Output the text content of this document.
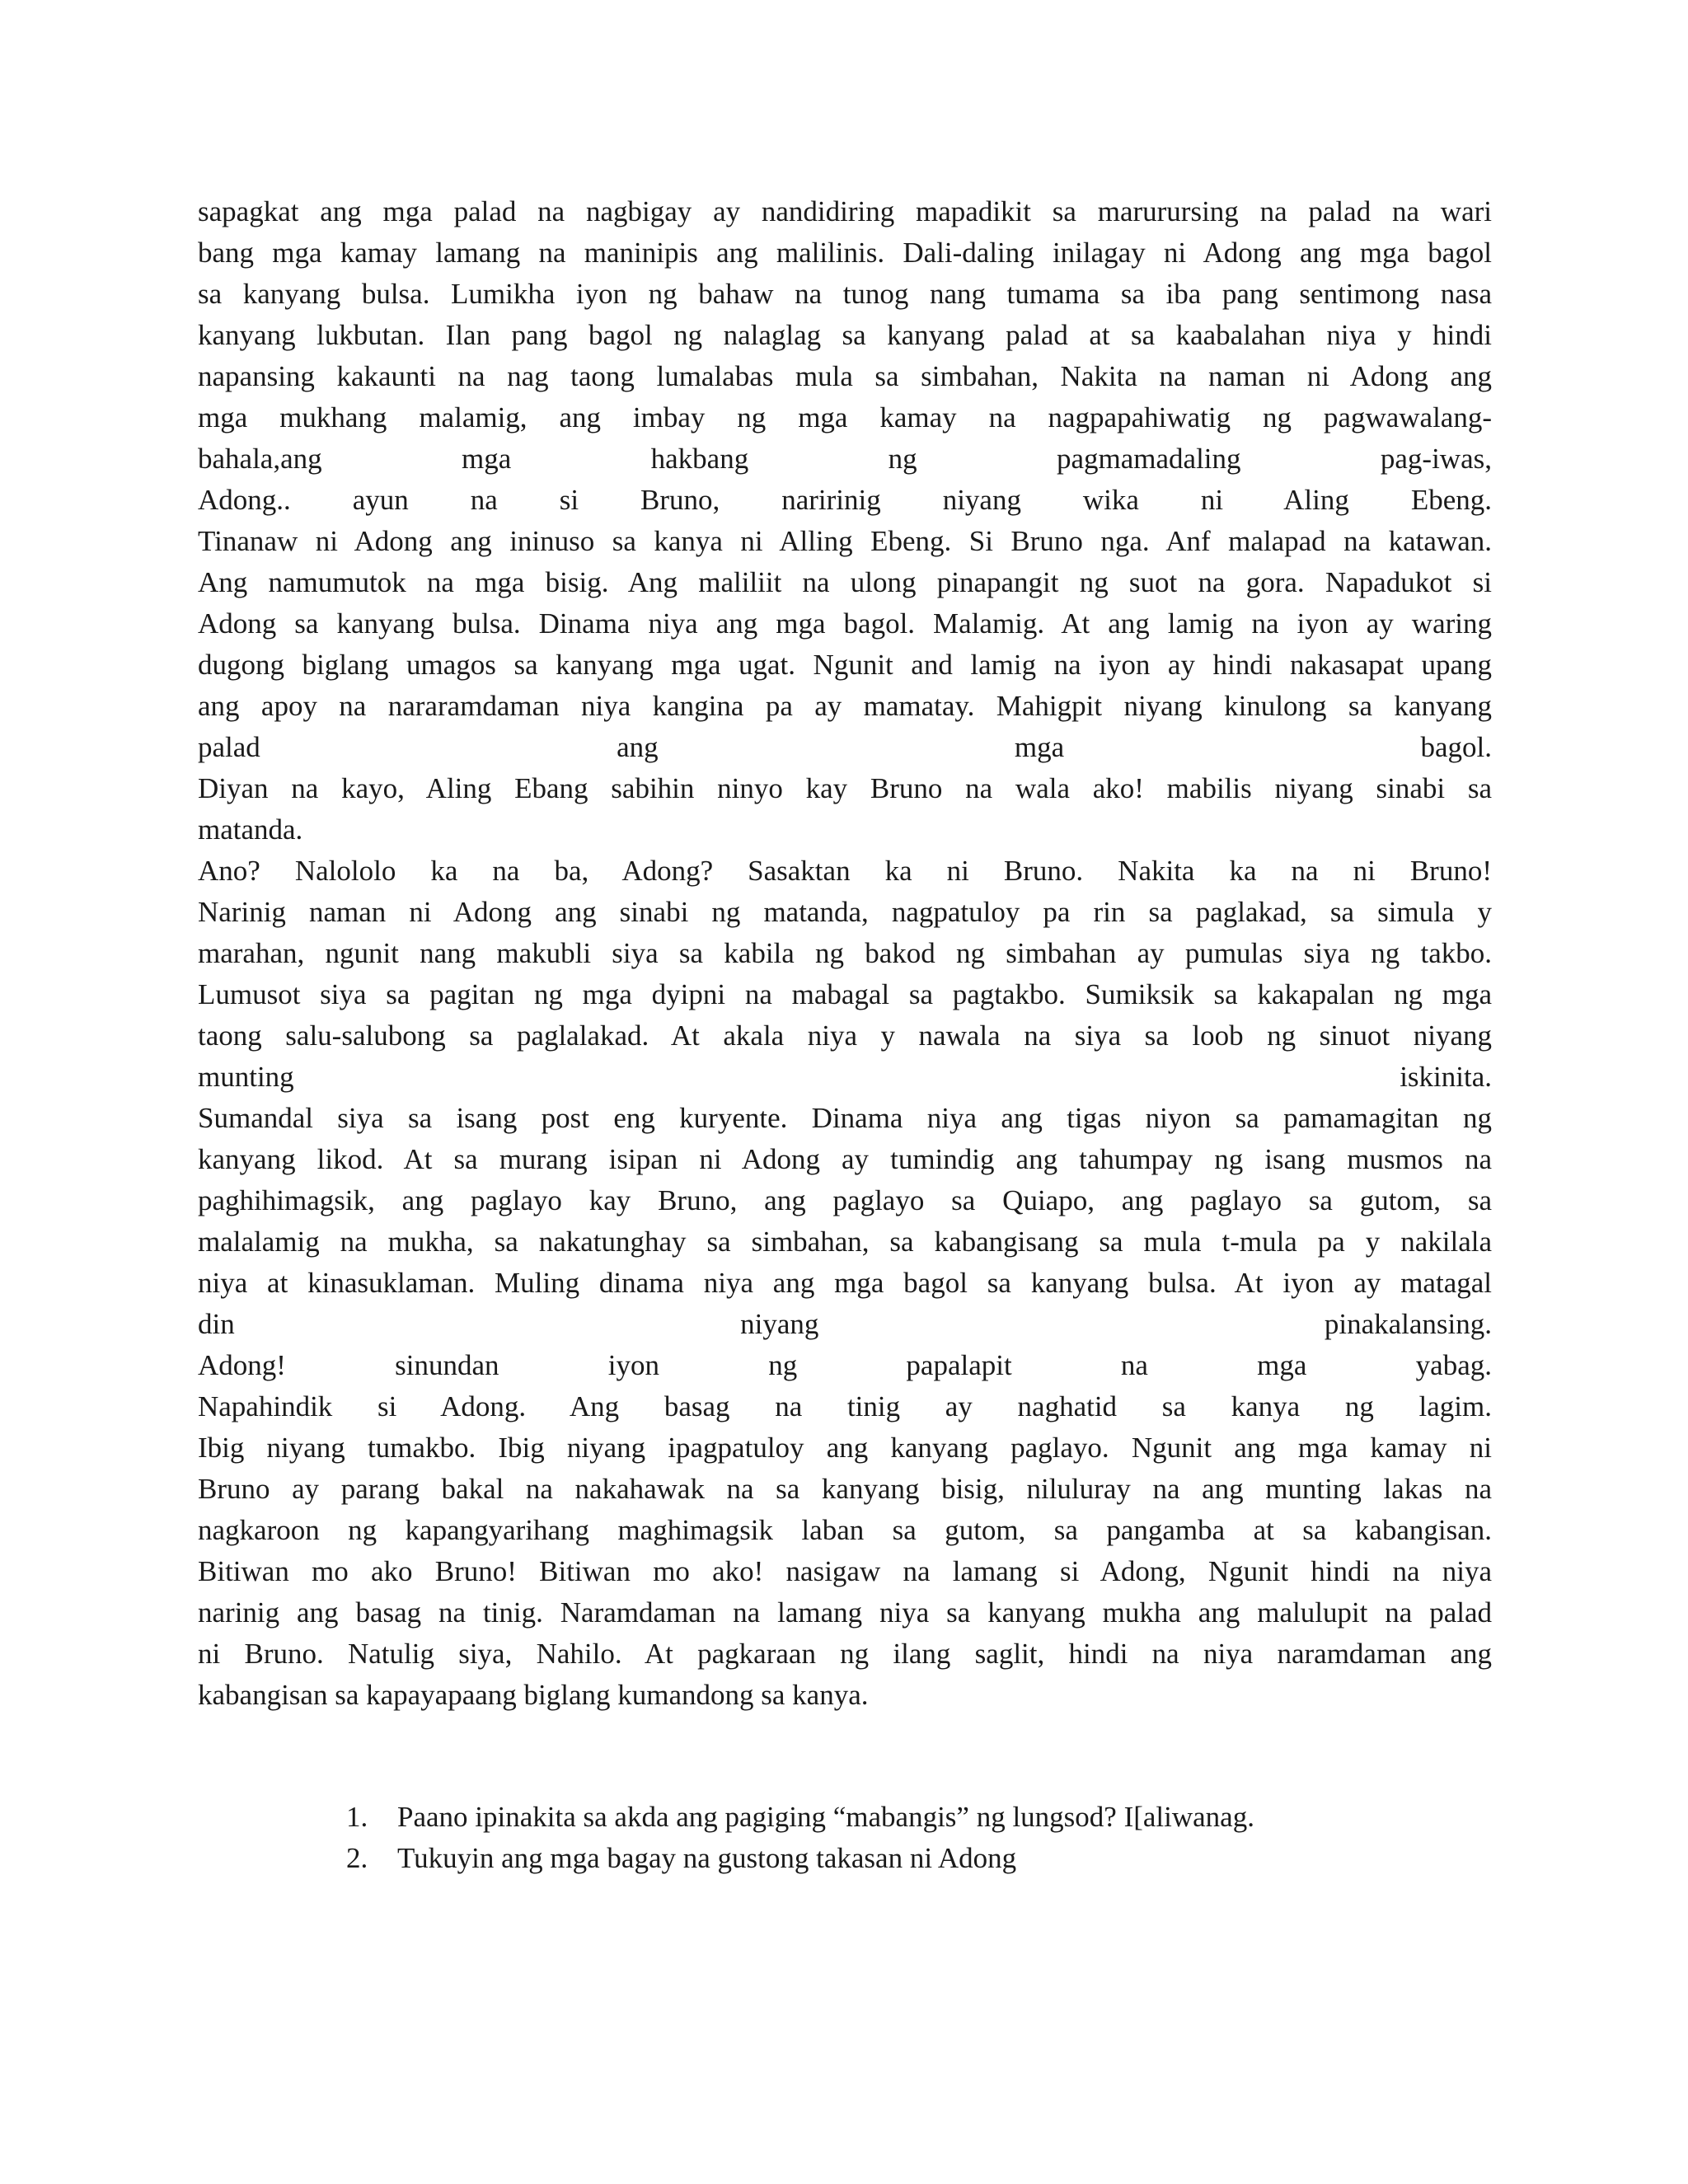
sapagkat ang mga palad na nagbigay ay nandidiring mapadikit sa marurursing na palad na wari
bang mga kamay lamang na maninipis ang malilinis. Dali-daling inilagay ni Adong ang mga bagol
sa kanyang bulsa. Lumikha iyon ng bahaw na tunog nang tumama sa iba pang sentimong nasa
kanyang lukbutan. Ilan pang bagol ng nalaglag sa kanyang palad at sa kaabalahan niya y hindi
napansing kakaunti na nag taong lumalabas mula sa simbahan, Nakita na naman ni Adong ang
mga mukhang malamig, ang imbay ng mga kamay na nagpapahiwatig ng pagwawalang-
bahala,ang mga hakbang ng pagmamadaling pag-iwas,
Adong.. ayun na si Bruno, naririnig niyang wika ni Aling Ebeng.
Tinanaw ni Adong ang ininuso sa kanya ni Alling Ebeng. Si Bruno nga. Anf malapad na katawan.
Ang namumutok na mga bisig. Ang maliliit na ulong pinapangit ng suot na gora. Napadukot si
Adong sa kanyang bulsa. Dinama niya ang mga bagol. Malamig. At ang lamig na iyon ay waring
dugong biglang umagos sa kanyang mga ugat. Ngunit and lamig na iyon ay hindi nakasapat upang
ang apoy na nararamdaman niya kangina pa ay mamatay. Mahigpit niyang kinulong sa kanyang
palad ang mga bagol.
Diyan na kayo, Aling Ebang sabihin ninyo kay Bruno na wala ako! mabilis niyang sinabi sa
matanda.
Ano? Nalololo ka na ba, Adong? Sasaktan ka ni Bruno. Nakita ka na ni Bruno!
Narinig naman ni Adong ang sinabi ng matanda, nagpatuloy pa rin sa paglakad, sa simula y
marahan, ngunit nang makubli siya sa kabila ng bakod ng simbahan ay pumulas siya ng takbo.
Lumusot siya sa pagitan ng mga dyipni na mabagal sa pagtakbo. Sumiksik sa kakapalan ng mga
taong salu-salubong sa paglalakad. At akala niya y nawala na siya sa loob ng sinuot niyang
munting iskinita.
Sumandal siya sa isang post eng kuryente. Dinama niya ang tigas niyon sa pamamagitan ng
kanyang likod. At sa murang isipan ni Adong ay tumindig ang tahumpay ng isang musmos na
paghihimagsik, ang paglayo kay Bruno, ang paglayo sa Quiapo, ang paglayo sa gutom, sa
malalamig na mukha, sa nakatunghay sa simbahan, sa kabangisang sa mula t-mula pa y nakilala
niya at kinasuklaman. Muling dinama niya ang mga bagol sa kanyang bulsa. At iyon ay matagal
din niyang pinakalansing.
Adong! sinundan iyon ng papalapit na mga yabag.
Napahindik si Adong. Ang basag na tinig ay naghatid sa kanya ng lagim.
Ibig niyang tumakbo. Ibig niyang ipagpatuloy ang kanyang paglayo. Ngunit ang mga kamay ni
Bruno ay parang bakal na nakahawak na sa kanyang bisig, niluluray na ang munting lakas na
nagkaroon ng kapangyarihang maghimagsik laban sa gutom, sa pangamba at sa kabangisan.
Bitiwan mo ako Bruno! Bitiwan mo ako! nasigaw na lamang si Adong, Ngunit hindi na niya
narinig ang basag na tinig. Naramdaman na lamang niya sa kanyang mukha ang malulupit na palad
ni Bruno. Natulig siya, Nahilo. At pagkaraan ng ilang saglit, hindi na niya naramdaman ang
kabangisan sa kapayapaang biglang kumandong sa kanya.
1.	Paano ipinakita sa akda ang pagiging “mabangis” ng lungsod? I[aliwanag.
2.	Tukuyin ang mga bagay na gustong takasan ni Adong
